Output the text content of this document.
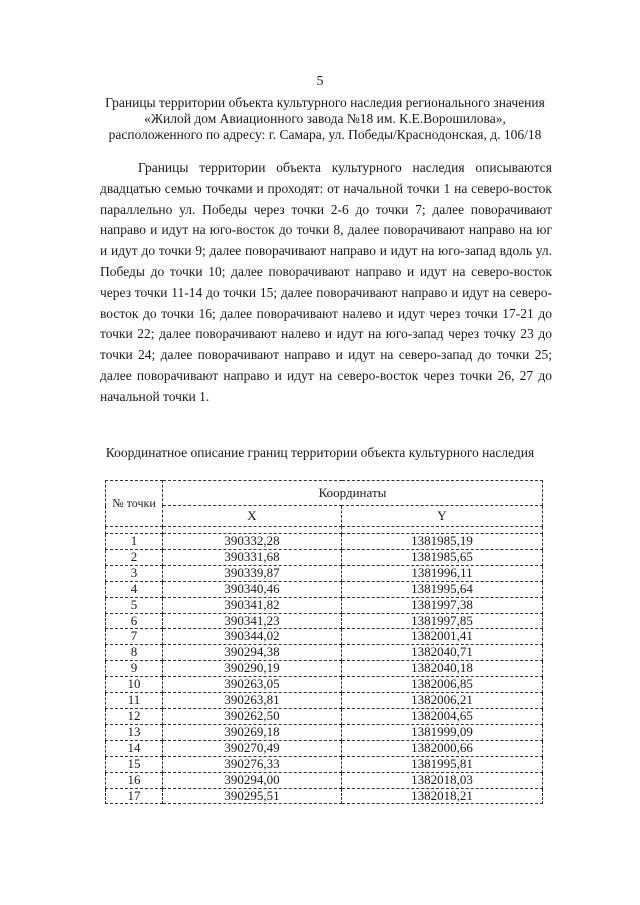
5
Границы территории объекта культурного наследия регионального значения
«Жилой дом Авиационного завода №18 им. К.Е.Ворошилова»,
расположенного по адресу: г. Самара, ул. Победы/Краснодонская, д. 106/18

Границы территории объекта культурного наследия описываются двадцатью семью точками и проходят: от начальной точки 1 на северо-восток параллельно ул. Победы через точки 2-6 до точки 7; далее поворачивают направо и идут на юго-восток до точки 8, далее поворачивают направо на юг и идут до точки 9; далее поворачивают направо и идут на юго-запад вдоль ул. Победы до точки 10; далее поворачивают направо и идут на северо-восток через точки 11-14 до точки 15; далее поворачивают направо и идут на северо-восток до точки 16; далее поворачивают налево и идут через точки 17-21 до точки 22; далее поворачивают налево и идут на юго-запад через точку 23 до точки 24; далее поворачивают направо и идут на северо-запад до точки 25; далее поворачивают направо и идут на северо-восток через точки 26, 27 до начальной точки 1.

Координатное описание границ территории объекта культурного наследия
№ точки	Координаты	
	X	Y

1	390332,28	1381985,19
2	390331,68	1381985,65
3	390339,87	1381996,11
4	390340,46	1381995,64
5	390341,82	1381997,38
6	390341,23	1381997,85
7	390344,02	1382001,41
8	390294,38	1382040,71
9	390290,19	1382040,18
10	390263,05	1382006,85
11	390263,81	1382006,21
12	390262,50	1382004,65
13	390269,18	1381999,09
14	390270,49	1382000,66
15	390276,33	1381995,81
16	390294,00	1382018,03
17	390295,51	1382018,21
